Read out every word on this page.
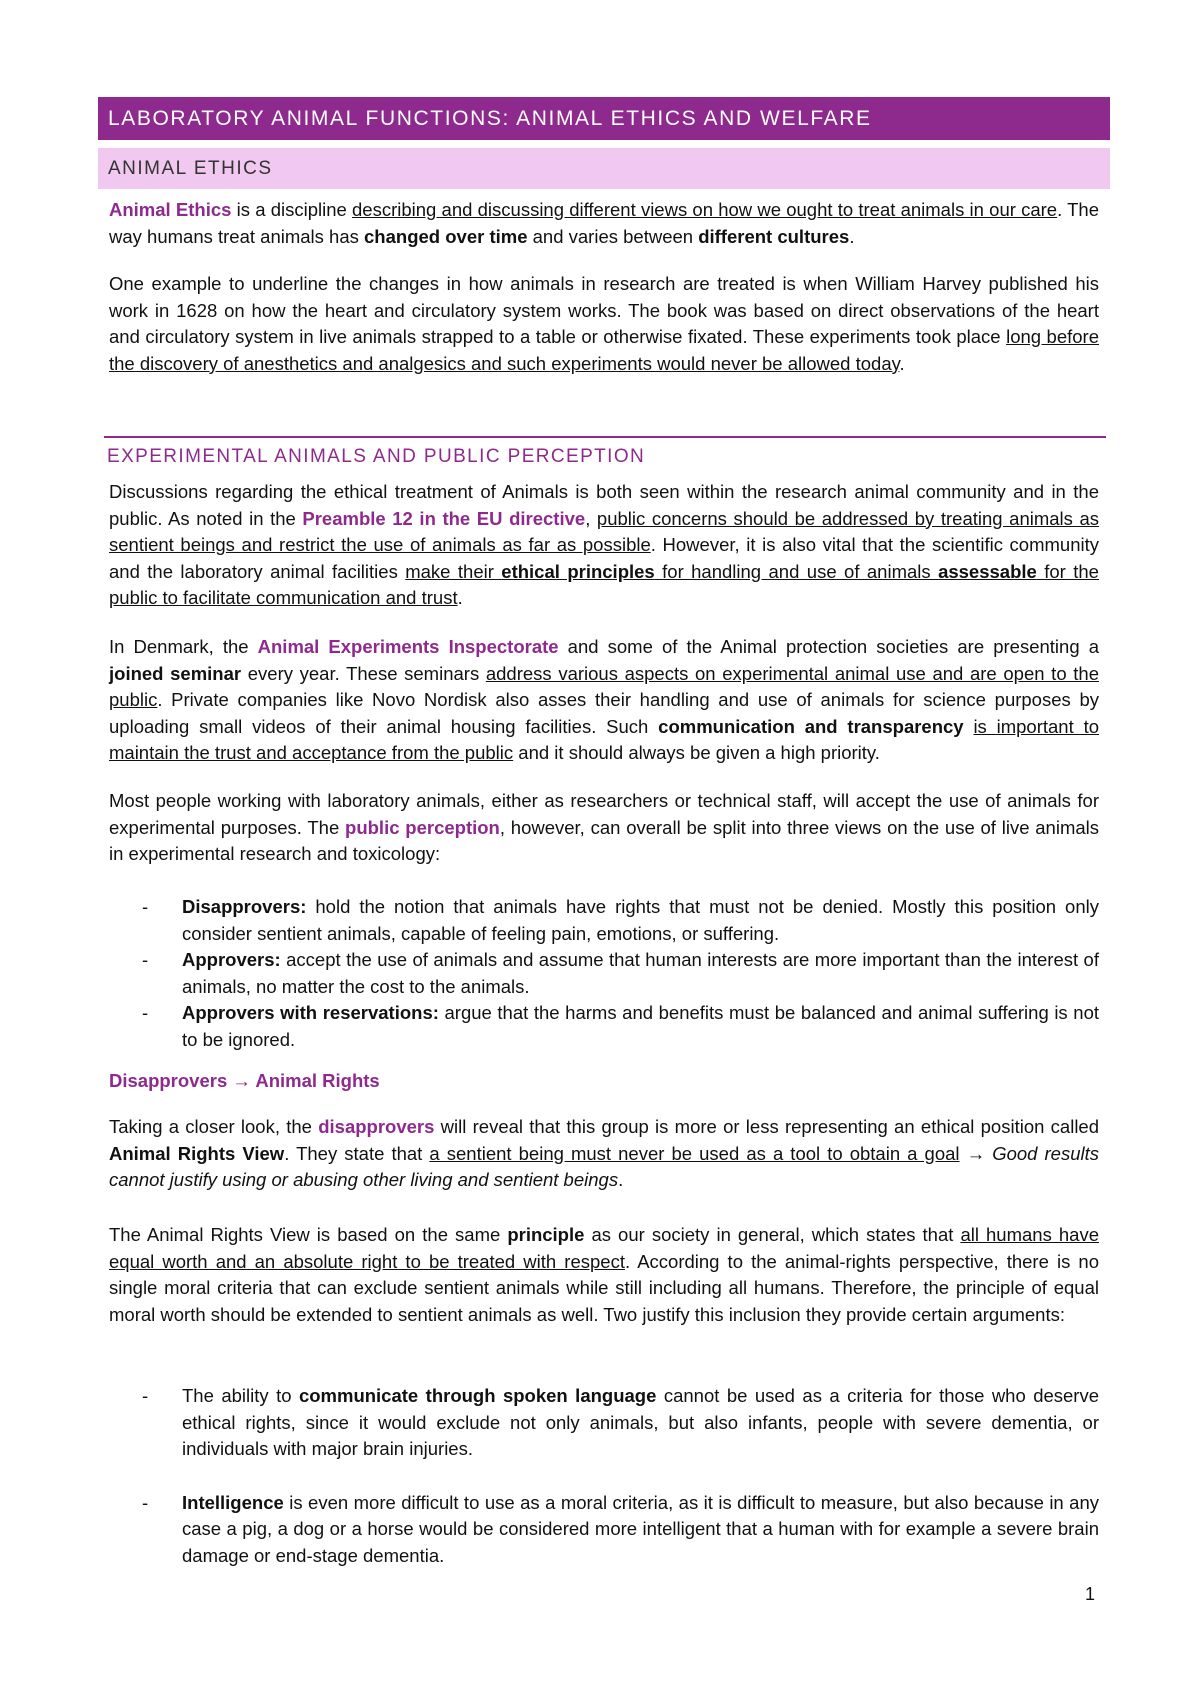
LABORATORY ANIMAL FUNCTIONS: ANIMAL ETHICS AND WELFARE
ANIMAL ETHICS
Animal Ethics is a discipline describing and discussing different views on how we ought to treat animals in our care. The way humans treat animals has changed over time and varies between different cultures.
One example to underline the changes in how animals in research are treated is when William Harvey published his work in 1628 on how the heart and circulatory system works. The book was based on direct observations of the heart and circulatory system in live animals strapped to a table or otherwise fixated. These experiments took place long before the discovery of anesthetics and analgesics and such experiments would never be allowed today.
EXPERIMENTAL ANIMALS AND PUBLIC PERCEPTION
Discussions regarding the ethical treatment of Animals is both seen within the research animal community and in the public. As noted in the Preamble 12 in the EU directive, public concerns should be addressed by treating animals as sentient beings and restrict the use of animals as far as possible. However, it is also vital that the scientific community and the laboratory animal facilities make their ethical principles for handling and use of animals assessable for the public to facilitate communication and trust.
In Denmark, the Animal Experiments Inspectorate and some of the Animal protection societies are presenting a joined seminar every year. These seminars address various aspects on experimental animal use and are open to the public. Private companies like Novo Nordisk also asses their handling and use of animals for science purposes by uploading small videos of their animal housing facilities. Such communication and transparency is important to maintain the trust and acceptance from the public and it should always be given a high priority.
Most people working with laboratory animals, either as researchers or technical staff, will accept the use of animals for experimental purposes. The public perception, however, can overall be split into three views on the use of live animals in experimental research and toxicology:
- Disapprovers: hold the notion that animals have rights that must not be denied. Mostly this position only consider sentient animals, capable of feeling pain, emotions, or suffering.
- Approvers: accept the use of animals and assume that human interests are more important than the interest of animals, no matter the cost to the animals.
- Approvers with reservations: argue that the harms and benefits must be balanced and animal suffering is not to be ignored.
Disapprovers → Animal Rights
Taking a closer look, the disapprovers will reveal that this group is more or less representing an ethical position called Animal Rights View. They state that a sentient being must never be used as a tool to obtain a goal → Good results cannot justify using or abusing other living and sentient beings.
The Animal Rights View is based on the same principle as our society in general, which states that all humans have equal worth and an absolute right to be treated with respect. According to the animal-rights perspective, there is no single moral criteria that can exclude sentient animals while still including all humans. Therefore, the principle of equal moral worth should be extended to sentient animals as well. Two justify this inclusion they provide certain arguments:
- The ability to communicate through spoken language cannot be used as a criteria for those who deserve ethical rights, since it would exclude not only animals, but also infants, people with severe dementia, or individuals with major brain injuries.
- Intelligence is even more difficult to use as a moral criteria, as it is difficult to measure, but also because in any case a pig, a dog or a horse would be considered more intelligent that a human with for example a severe brain damage or end-stage dementia.
1
